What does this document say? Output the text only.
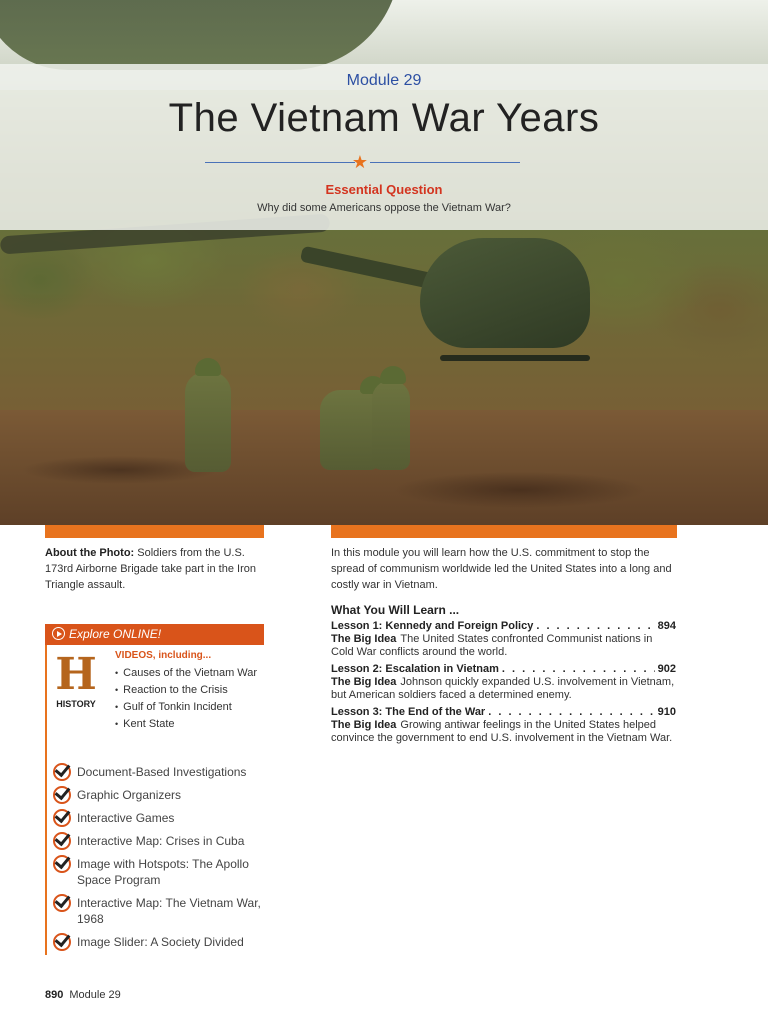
Module 29
The Vietnam War Years
★
Essential Question
Why did some Americans oppose the Vietnam War?
About the Photo: Soldiers from the U.S. 173rd Airborne Brigade take part in the Iron Triangle assault.
Explore ONLINE!
H
HISTORY
VIDEOS, including...
• Causes of the Vietnam War
• Reaction to the Crisis
• Gulf of Tonkin Incident
• Kent State
Document-Based Investigations
Graphic Organizers
Interactive Games
Interactive Map: Crises in Cuba
Image with Hotspots: The Apollo Space Program
Interactive Map: The Vietnam War, 1968
Image Slider: A Society Divided
In this module you will learn how the U.S. commitment to stop the spread of communism worldwide led the United States into a long and costly war in Vietnam.
What You Will Learn ...
Lesson 1: Kennedy and Foreign Policy . . .	894
The Big Idea The United States confronted Communist nations in Cold War conflicts around the world.
Lesson 2: Escalation in Vietnam . . .	902
The Big Idea Johnson quickly expanded U.S. involvement in Vietnam, but American soldiers faced a determined enemy.
Lesson 3: The End of the War . . .	910
The Big Idea Growing antiwar feelings in the United States helped convince the government to end U.S. involvement in the Vietnam War.
890 Module 29
